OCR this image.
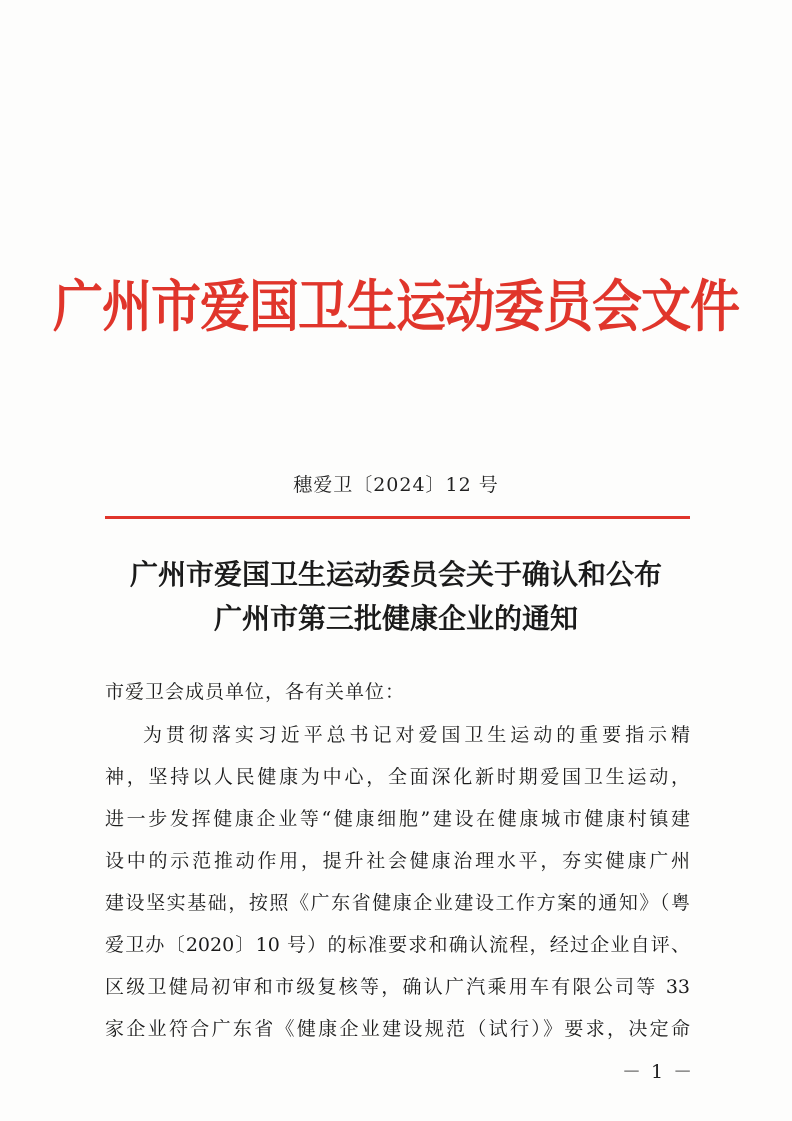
广州市爱国卫生运动委员会文件
穗爱卫〔2024〕12 号
广州市爱国卫生运动委员会关于确认和公布
广州市第三批健康企业的通知
市爱卫会成员单位，各有关单位：
为贯彻落实习近平总书记对爱国卫生运动的重要指示精
神，坚持以人民健康为中心，全面深化新时期爱国卫生运动，
进一步发挥健康企业等“健康细胞”建设在健康城市健康村镇建
设中的示范推动作用，提升社会健康治理水平，夯实健康广州
建设坚实基础，按照《广东省健康企业建设工作方案的通知》（粤
爱卫办〔2020〕10 号）的标准要求和确认流程，经过企业自评、
区级卫健局初审和市级复核等，确认广汽乘用车有限公司等 33
家企业符合广东省《健康企业建设规范（试行）》要求，决定命
－ 1 －
